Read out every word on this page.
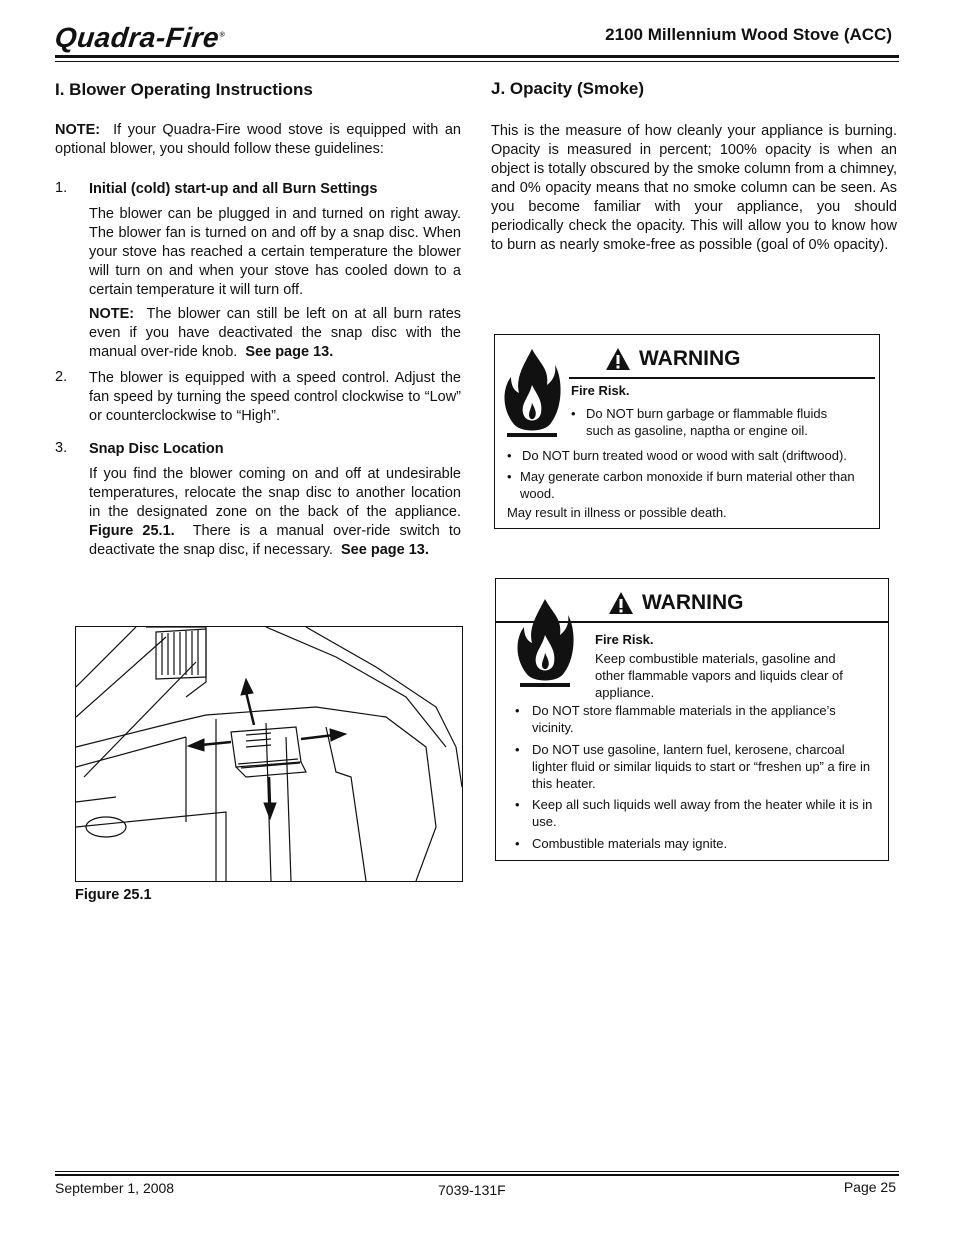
Quadra-Fire®	2100 Millennium Wood Stove (ACC)
I. Blower Operating Instructions

NOTE: If your Quadra-Fire wood stove is equipped with an optional blower, you should follow these guidelines:

1. Initial (cold) start-up and all Burn Settings

The blower can be plugged in and turned on right away. The blower fan is turned on and off by a snap disc. When your stove has reached a certain temperature the blower will turn on and when your stove has cooled down to a certain temperature it will turn off.

NOTE: The blower can still be left on at all burn rates even if you have deactivated the snap disc with the manual over-ride knob. See page 13.

2. The blower is equipped with a speed control. Adjust the fan speed by turning the speed control clockwise to “Low” or counterclockwise to “High”.

3. Snap Disc Location

If you find the blower coming on and off at undesirable temperatures, relocate the snap disc to another location in the designated zone on the back of the appliance. Figure 25.1. There is a manual over-ride switch to deactivate the snap disc, if necessary. See page 13.

Figure 25.1
J. Opacity (Smoke)

This is the measure of how cleanly your appliance is burning. Opacity is measured in percent; 100% opacity is when an object is totally obscured by the smoke column from a chimney, and 0% opacity means that no smoke column can be seen. As you become familiar with your appliance, you should periodically check the opacity. This will allow you to know how to burn as nearly smoke-free as possible (goal of 0% opacity).

WARNING
Fire Risk.
• Do NOT burn garbage or flammable fluids such as gasoline, naptha or engine oil.
• Do NOT burn treated wood or wood with salt (driftwood).
• May generate carbon monoxide if burn material other than wood.
May result in illness or possible death.
WARNING
Fire Risk.
Keep combustible materials, gasoline and other flammable vapors and liquids clear of appliance.
• Do NOT store flammable materials in the appliance’s vicinity.
• Do NOT use gasoline, lantern fuel, kerosene, charcoal lighter fluid or similar liquids to start or “freshen up” a fire in this heater.
• Keep all such liquids well away from the heater while it is in use.
• Combustible materials may ignite.
September 1, 2008	7039-131F	Page 25
